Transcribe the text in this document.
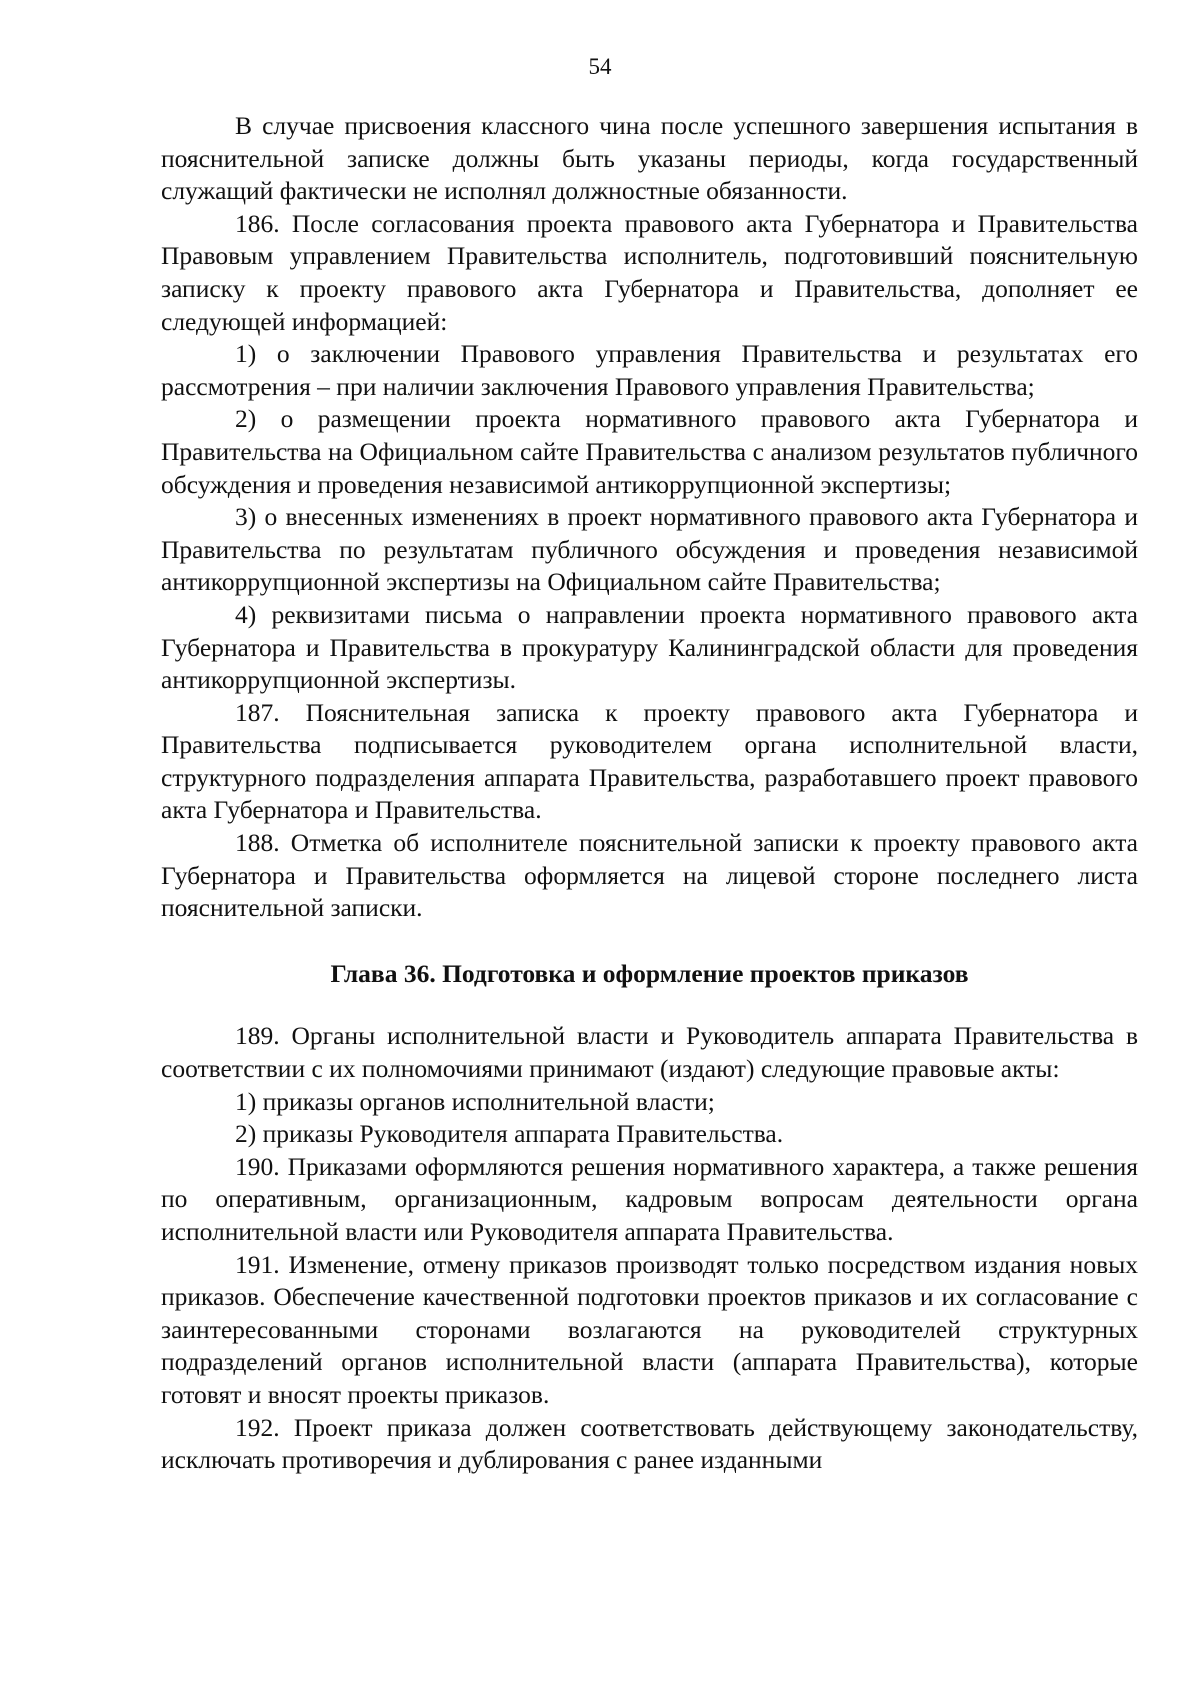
54

В случае присвоения классного чина после успешного завершения испытания в пояснительной записке должны быть указаны периоды, когда государственный служащий фактически не исполнял должностные обязанности.

186. После согласования проекта правового акта Губернатора и Правительства Правовым управлением Правительства исполнитель, подготовивший пояснительную записку к проекту правового акта Губернатора и Правительства, дополняет ее следующей информацией:

1) о заключении Правового управления Правительства и результатах его рассмотрения – при наличии заключения Правового управления Правительства;

2) о размещении проекта нормативного правового акта Губернатора и Правительства на Официальном сайте Правительства с анализом результатов публичного обсуждения и проведения независимой антикоррупционной экспертизы;

3) о внесенных изменениях в проект нормативного правового акта Губернатора и Правительства по результатам публичного обсуждения и проведения независимой антикоррупционной экспертизы на Официальном сайте Правительства;

4) реквизитами письма о направлении проекта нормативного правового акта Губернатора и Правительства в прокуратуру Калининградской области для проведения антикоррупционной экспертизы.

187. Пояснительная записка к проекту правового акта Губернатора и Правительства подписывается руководителем органа исполнительной власти, структурного подразделения аппарата Правительства, разработавшего проект правового акта Губернатора и Правительства.

188. Отметка об исполнителе пояснительной записки к проекту правового акта Губернатора и Правительства оформляется на лицевой стороне последнего листа пояснительной записки.

Глава 36. Подготовка и оформление проектов приказов

189. Органы исполнительной власти и Руководитель аппарата Правительства в соответствии с их полномочиями принимают (издают) следующие правовые акты:

1) приказы органов исполнительной власти;

2) приказы Руководителя аппарата Правительства.

190. Приказами оформляются решения нормативного характера, а также решения по оперативным, организационным, кадровым вопросам деятельности органа исполнительной власти или Руководителя аппарата Правительства.

191. Изменение, отмену приказов производят только посредством издания новых приказов. Обеспечение качественной подготовки проектов приказов и их согласование с заинтересованными сторонами возлагаются на руководителей структурных подразделений органов исполнительной власти (аппарата Правительства), которые готовят и вносят проекты приказов.

192. Проект приказа должен соответствовать действующему законодательству, исключать противоречия и дублирования с ранее изданными
